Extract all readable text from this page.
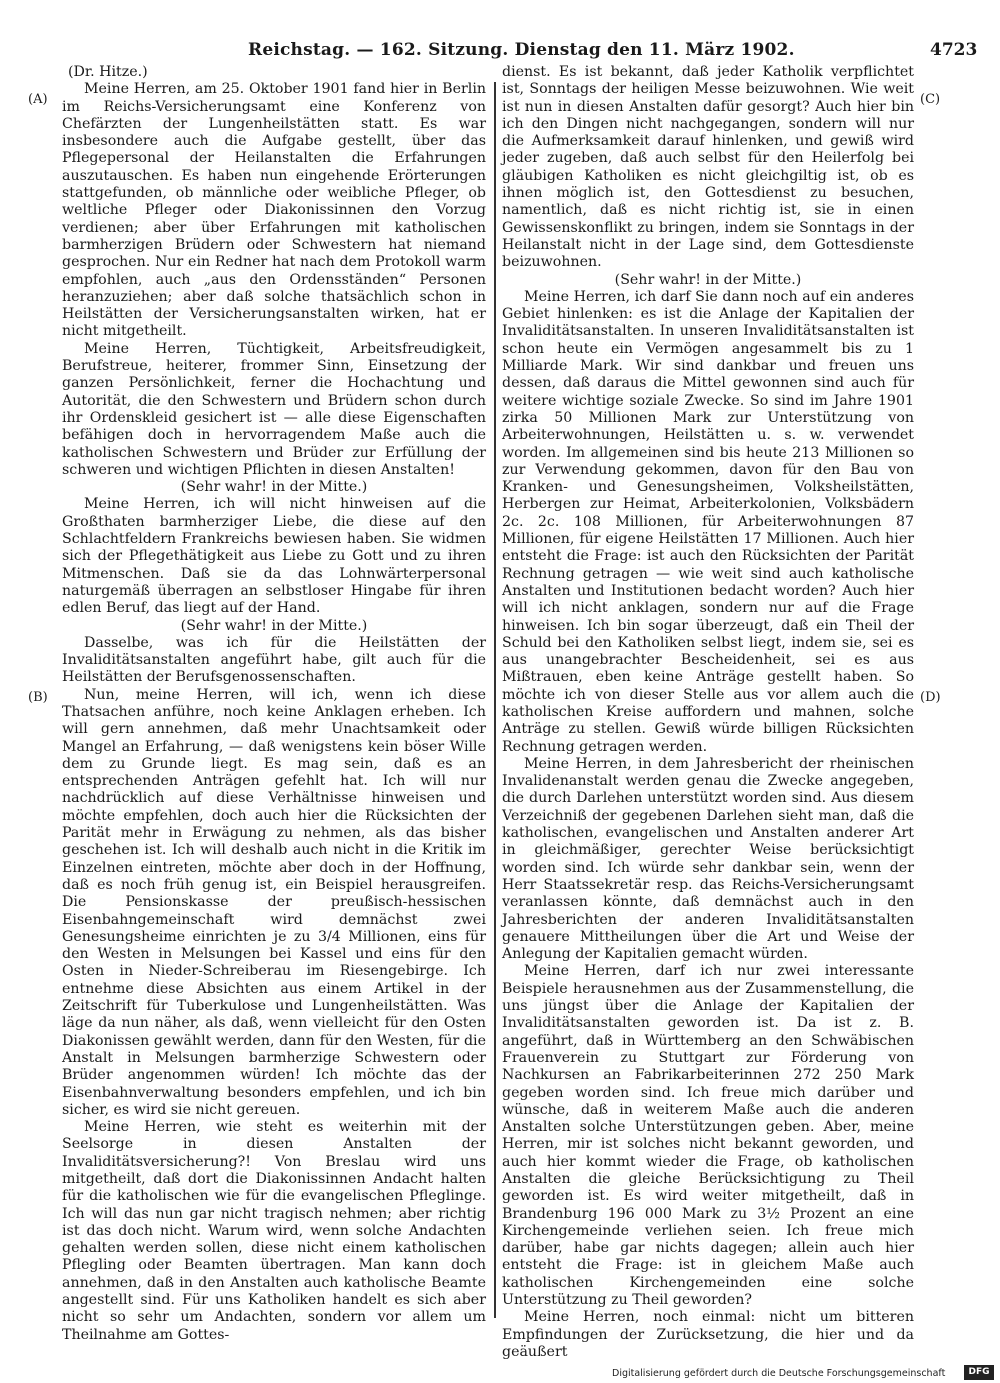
Reichstag. — 162. Sitzung. Dienstag den 11. März 1902.	4723
(A)
(B)
(C)
(D)

(Dr. Hitze.)

Meine Herren, am 25. Oktober 1901 fand hier in Berlin im Reichs-Versicherungsamt eine Konferenz von Chefärzten der Lungenheilstätten statt. Es war insbesondere auch die Aufgabe gestellt, über das Pflegepersonal der Heilanstalten die Erfahrungen auszutauschen. Es haben nun eingehende Erörterungen stattgefunden, ob männliche oder weibliche Pfleger, ob weltliche Pfleger oder Diakonissinnen den Vorzug verdienen; aber über Erfahrungen mit katholischen barmherzigen Brüdern oder Schwestern hat niemand gesprochen. Nur ein Redner hat nach dem Protokoll warm empfohlen, auch „aus den Ordensständen“ Personen heranzuziehen; aber daß solche thatsächlich schon in Heilstätten der Versicherungsanstalten wirken, hat er nicht mitgetheilt.

Meine Herren, Tüchtigkeit, Arbeitsfreudigkeit, Berufstreue, heiterer, frommer Sinn, Einsetzung der ganzen Persönlichkeit, ferner die Hochachtung und Autorität, die den Schwestern und Brüdern schon durch ihr Ordenskleid gesichert ist — alle diese Eigenschaften befähigen doch in hervorragendem Maße auch die katholischen Schwestern und Brüder zur Erfüllung der schweren und wichtigen Pflichten in diesen Anstalten!

(Sehr wahr! in der Mitte.)

Meine Herren, ich will nicht hinweisen auf die Großthaten barmherziger Liebe, die diese auf den Schlachtfeldern Frankreichs bewiesen haben. Sie widmen sich der Pflegethätigkeit aus Liebe zu Gott und zu ihren Mitmenschen. Daß sie da das Lohnwärterpersonal naturgemäß überragen an selbstloser Hingabe für ihren edlen Beruf, das liegt auf der Hand.

(Sehr wahr! in der Mitte.)

Dasselbe, was ich für die Heilstätten der Invaliditätsanstalten angeführt habe, gilt auch für die Heilstätten der Berufsgenossenschaften.

Nun, meine Herren, will ich, wenn ich diese Thatsachen anführe, noch keine Anklagen erheben. Ich will gern annehmen, daß mehr Unachtsamkeit oder Mangel an Erfahrung, — daß wenigstens kein böser Wille dem zu Grunde liegt. Es mag sein, daß es an entsprechenden Anträgen gefehlt hat. Ich will nur nachdrücklich auf diese Verhältnisse hinweisen und möchte empfehlen, doch auch hier die Rücksichten der Parität mehr in Erwägung zu nehmen, als das bisher geschehen ist. Ich will deshalb auch nicht in die Kritik im Einzelnen eintreten, möchte aber doch in der Hoffnung, daß es noch früh genug ist, ein Beispiel herausgreifen. Die Pensionskasse der preußisch-hessischen Eisenbahngemeinschaft wird demnächst zwei Genesungsheime einrichten je zu 3/4 Millionen, eins für den Westen in Melsungen bei Kassel und eins für den Osten in Nieder-Schreiberau im Riesengebirge. Ich entnehme diese Absichten aus einem Artikel in der Zeitschrift für Tuberkulose und Lungenheilstätten. Was läge da nun näher, als daß, wenn vielleicht für den Osten Diakonissen gewählt werden, dann für den Westen, für die Anstalt in Melsungen barmherzige Schwestern oder Brüder angenommen würden! Ich möchte das der Eisenbahnverwaltung besonders empfehlen, und ich bin sicher, es wird sie nicht gereuen.

Meine Herren, wie steht es weiterhin mit der Seelsorge in diesen Anstalten der Invaliditätsversicherung?! Von Breslau wird uns mitgetheilt, daß dort die Diakonissinnen Andacht halten für die katholischen wie für die evangelischen Pfleglinge. Ich will das nun gar nicht tragisch nehmen; aber richtig ist das doch nicht. Warum wird, wenn solche Andachten gehalten werden sollen, diese nicht einem katholischen Pflegling oder Beamten übertragen. Man kann doch annehmen, daß in den Anstalten auch katholische Beamte angestellt sind. Für uns Katholiken handelt es sich aber nicht so sehr um Andachten, sondern vor allem um Theilnahme am Gottes-

dienst. Es ist bekannt, daß jeder Katholik verpflichtet ist, Sonntags der heiligen Messe beizuwohnen. Wie weit ist nun in diesen Anstalten dafür gesorgt? Auch hier bin ich den Dingen nicht nachgegangen, sondern will nur die Aufmerksamkeit darauf hinlenken, und gewiß wird jeder zugeben, daß auch selbst für den Heilerfolg bei gläubigen Katholiken es nicht gleichgiltig ist, ob es ihnen möglich ist, den Gottesdienst zu besuchen, namentlich, daß es nicht richtig ist, sie in einen Gewissenskonflikt zu bringen, indem sie Sonntags in der Heilanstalt nicht in der Lage sind, dem Gottesdienste beizuwohnen.

(Sehr wahr! in der Mitte.)

Meine Herren, ich darf Sie dann noch auf ein anderes Gebiet hinlenken: es ist die Anlage der Kapitalien der Invaliditätsanstalten. In unseren Invaliditätsanstalten ist schon heute ein Vermögen angesammelt bis zu 1 Milliarde Mark. Wir sind dankbar und freuen uns dessen, daß daraus die Mittel gewonnen sind auch für weitere wichtige soziale Zwecke. So sind im Jahre 1901 zirka 50 Millionen Mark zur Unterstützung von Arbeiterwohnungen, Heilstätten u. s. w. verwendet worden. Im allgemeinen sind bis heute 213 Millionen so zur Verwendung gekommen, davon für den Bau von Kranken- und Genesungsheimen, Volksheilstätten, Herbergen zur Heimat, Arbeiterkolonien, Volksbädern 2c. 2c. 108 Millionen, für Arbeiterwohnungen 87 Millionen, für eigene Heilstätten 17 Millionen. Auch hier entsteht die Frage: ist auch den Rücksichten der Parität Rechnung getragen — wie weit sind auch katholische Anstalten und Institutionen bedacht worden? Auch hier will ich nicht anklagen, sondern nur auf die Frage hinweisen. Ich bin sogar überzeugt, daß ein Theil der Schuld bei den Katholiken selbst liegt, indem sie, sei es aus unangebrachter Bescheidenheit, sei es aus Mißtrauen, eben keine Anträge gestellt haben. So möchte ich von dieser Stelle aus vor allem auch die katholischen Kreise auffordern und mahnen, solche Anträge zu stellen. Gewiß würde billigen Rücksichten Rechnung getragen werden.

Meine Herren, in dem Jahresbericht der rheinischen Invalidenanstalt werden genau die Zwecke angegeben, die durch Darlehen unterstützt worden sind. Aus diesem Verzeichniß der gegebenen Darlehen sieht man, daß die katholischen, evangelischen und Anstalten anderer Art in gleichmäßiger, gerechter Weise berücksichtigt worden sind. Ich würde sehr dankbar sein, wenn der Herr Staatssekretär resp. das Reichs-Versicherungsamt veranlassen könnte, daß demnächst auch in den Jahresberichten der anderen Invaliditätsanstalten genauere Mittheilungen über die Art und Weise der Anlegung der Kapitalien gemacht würden.

Meine Herren, darf ich nur zwei interessante Beispiele herausnehmen aus der Zusammenstellung, die uns jüngst über die Anlage der Kapitalien der Invaliditätsanstalten geworden ist. Da ist z. B. angeführt, daß in Württemberg an den Schwäbischen Frauenverein zu Stuttgart zur Förderung von Nachkursen an Fabrikarbeiterinnen 272 250 Mark gegeben worden sind. Ich freue mich darüber und wünsche, daß in weiterem Maße auch die anderen Anstalten solche Unterstützungen geben. Aber, meine Herren, mir ist solches nicht bekannt geworden, und auch hier kommt wieder die Frage, ob katholischen Anstalten die gleiche Berücksichtigung zu Theil geworden ist. Es wird weiter mitgetheilt, daß in Brandenburg 196 000 Mark zu 3½ Prozent an eine Kirchengemeinde verliehen seien. Ich freue mich darüber, habe gar nichts dagegen; allein auch hier entsteht die Frage: ist in gleichem Maße auch katholischen Kirchengemeinden eine solche Unterstützung zu Theil geworden?

Meine Herren, noch einmal: nicht um bitteren Empfindungen der Zurücksetzung, die hier und da geäußert

Digitalisierung gefördert durch die Deutsche Forschungsgemeinschaft	DFG
